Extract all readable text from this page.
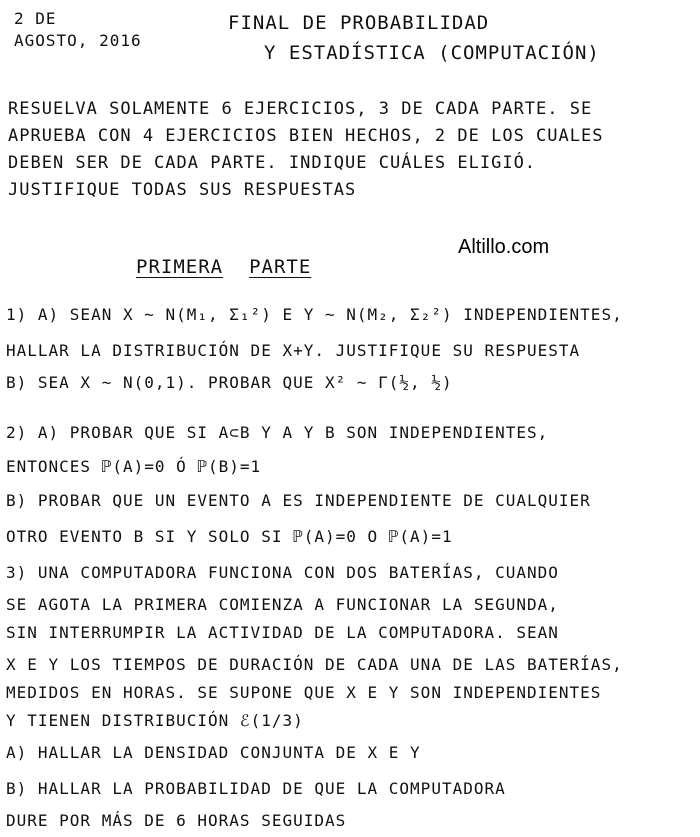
2 DE
AGOSTO, 2016
FINAL DE PROBABILIDAD
Y ESTADÍSTICA (COMPUTACIÓN)
RESUELVA SOLAMENTE 6 EJERCICIOS, 3 DE CADA PARTE. SE
APRUEBA CON 4 EJERCICIOS BIEN HECHOS, 2 DE LOS CUALES
DEBEN SER DE CADA PARTE. INDIQUE CUÁLES ELIGIÓ.
JUSTIFIQUE TODAS SUS RESPUESTAS
Altillo.com
PRIMERA PARTE
1) A) SEAN X ~ N(Μ₁, Σ₁²) E Y ~ N(Μ₂, Σ₂²) INDEPENDIENTES,
HALLAR LA DISTRIBUCIÓN DE X+Y. JUSTIFIQUE SU RESPUESTA
B) SEA X ~ N(0,1). PROBAR QUE X² ~ Γ(½, ½)
2) A) PROBAR QUE SI A⊂B Y A Y B SON INDEPENDIENTES,
ENTONCES ℙ(A)=0 Ó ℙ(B)=1
B) PROBAR QUE UN EVENTO A ES INDEPENDIENTE DE CUALQUIER
OTRO EVENTO B SI Y SOLO SI ℙ(A)=0 O ℙ(A)=1
3) UNA COMPUTADORA FUNCIONA CON DOS BATERÍAS, CUANDO
SE AGOTA LA PRIMERA COMIENZA A FUNCIONAR LA SEGUNDA,
SIN INTERRUMPIR LA ACTIVIDAD DE LA COMPUTADORA. SEAN
X E Y LOS TIEMPOS DE DURACIÓN DE CADA UNA DE LAS BATERÍAS,
MEDIDOS EN HORAS. SE SUPONE QUE X E Y SON INDEPENDIENTES
Y TIENEN DISTRIBUCIÓN ℰ(1/3)
A) HALLAR LA DENSIDAD CONJUNTA DE X E Y
B) HALLAR LA PROBABILIDAD DE QUE LA COMPUTADORA
DURE POR MÁS DE 6 HORAS SEGUIDAS
